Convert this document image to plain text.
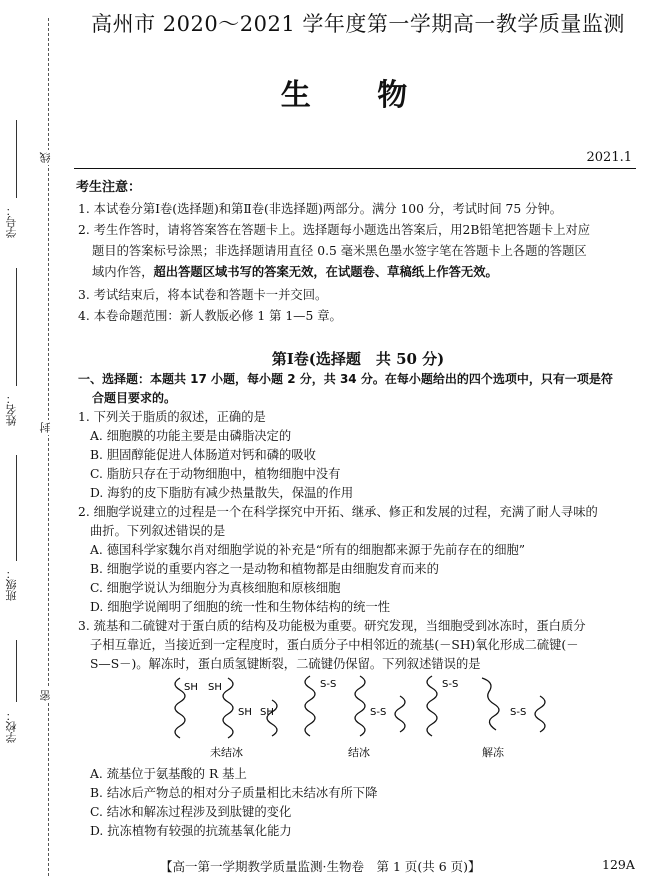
学号：
姓名：
班级：
学校：
线
封
密
高州市 2020～2021 学年度第一学期高一教学质量监测
生 物
2021.1
考生注意：
1. 本试卷分第Ⅰ卷(选择题)和第Ⅱ卷(非选择题)两部分。满分 100 分，考试时间 75 分钟。
2. 考生作答时，请将答案答在答题卡上。选择题每小题选出答案后，用2B铅笔把答题卡上对应
题目的答案标号涂黑；非选择题请用直径 0.5 毫米黑色墨水签字笔在答题卡上各题的答题区
域内作答，超出答题区域书写的答案无效，在试题卷、草稿纸上作答无效。
3. 考试结束后，将本试卷和答题卡一并交回。
4. 本卷命题范围：新人教版必修 1 第 1—5 章。
第Ⅰ卷(选择题　共 50 分)
一、选择题：本题共 17 小题，每小题 2 分，共 34 分。在每小题给出的四个选项中，只有一项是符
合题目要求的。
1. 下列关于脂质的叙述，正确的是
A. 细胞膜的功能主要是由磷脂决定的
B. 胆固醇能促进人体肠道对钙和磷的吸收
C. 脂肪只存在于动物细胞中，植物细胞中没有
D. 海豹的皮下脂肪有减少热量散失，保温的作用
2. 细胞学说建立的过程是一个在科学探究中开拓、继承、修正和发展的过程，充满了耐人寻味的
曲折。下列叙述错误的是
A. 德国科学家魏尔肖对细胞学说的补充是“所有的细胞都来源于先前存在的细胞”
B. 细胞学说的重要内容之一是动物和植物都是由细胞发育而来的
C. 细胞学说认为细胞分为真核细胞和原核细胞
D. 细胞学说阐明了细胞的统一性和生物体结构的统一性
3. 巯基和二硫键对于蛋白质的结构及功能极为重要。研究发现，当细胞受到冰冻时，蛋白质分
子相互靠近，当接近到一定程度时，蛋白质分子中相邻近的巯基(－SH)氧化形成二硫键(－
S—S－)。解冻时，蛋白质氢键断裂，二硫键仍保留。下列叙述错误的是
SH SH
SH SH
S-S
S-S
S-S
S-S
未结冰	结冰	解冻
A. 巯基位于氨基酸的 R 基上
B. 结冰后产物总的相对分子质量相比未结冰有所下降
C. 结冰和解冻过程涉及到肽键的变化
D. 抗冻植物有较强的抗巯基氧化能力
【高一第一学期教学质量监测·生物卷　第 1 页(共 6 页)】	129A
